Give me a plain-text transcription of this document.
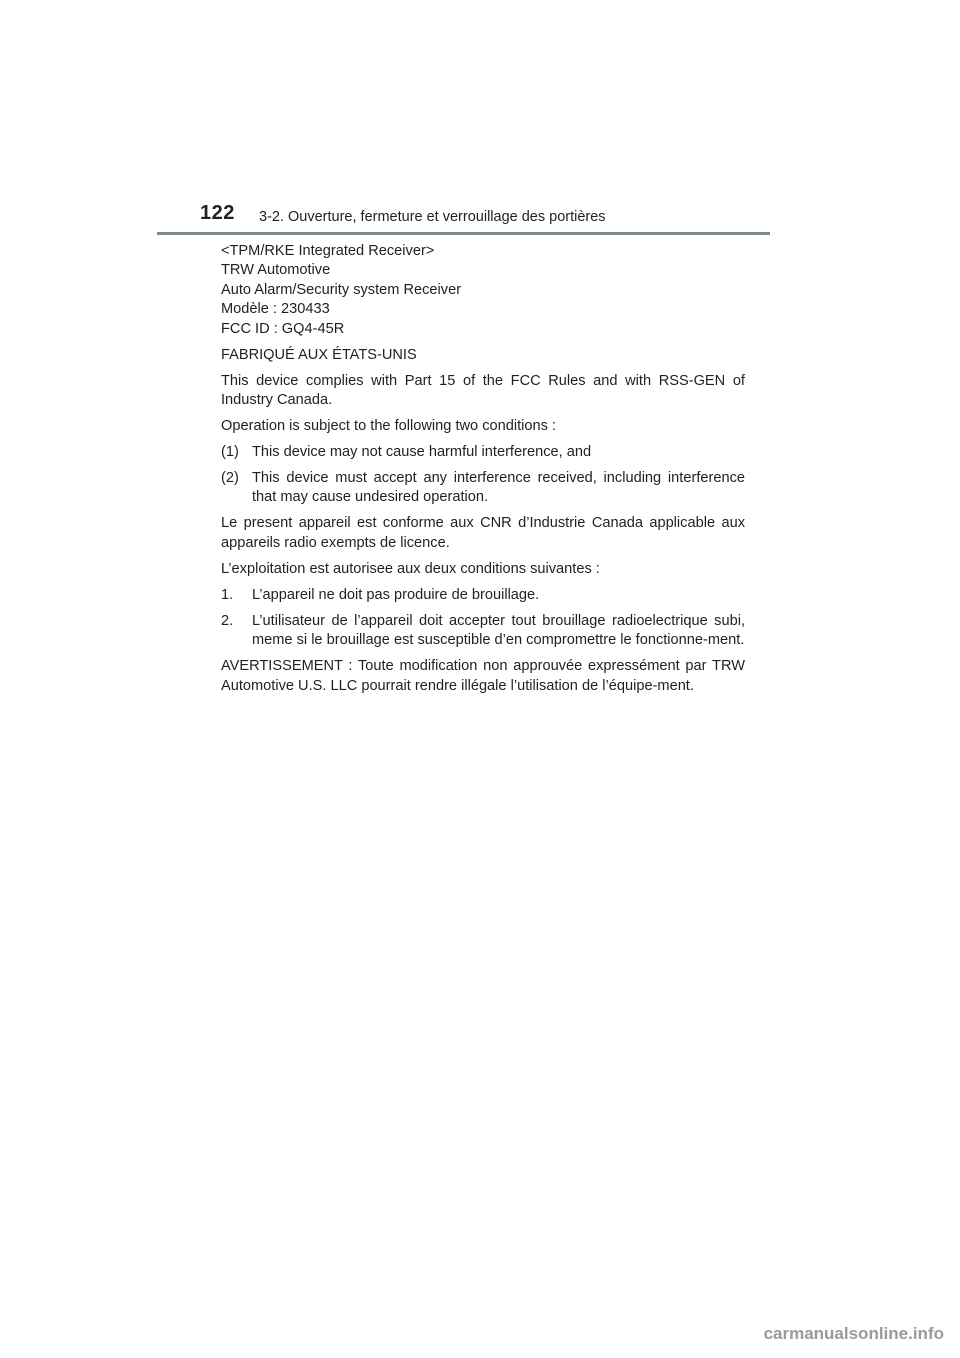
122 3-2. Ouverture, fermeture et verrouillage des portières

<TPM/RKE Integrated Receiver>
TRW Automotive
Auto Alarm/Security system Receiver
Modèle : 230433
FCC ID : GQ4-45R

FABRIQUÉ AUX ÉTATS-UNIS

This device complies with Part 15 of the FCC Rules and with RSS-GEN of Industry Canada.

Operation is subject to the following two conditions :

(1) This device may not cause harmful interference, and
(2) This device must accept any interference received, including interference that may cause undesired operation.

Le present appareil est conforme aux CNR d’Industrie Canada applicable aux appareils radio exempts de licence.

L’exploitation est autorisee aux deux conditions suivantes :

1.	L’appareil ne doit pas produire de brouillage.
2.	L’utilisateur de l’appareil doit accepter tout brouillage radioelectrique subi, meme si le brouillage est susceptible d’en compromettre le fonctionne-ment.

AVERTISSEMENT : Toute modification non approuvée expressément par TRW Automotive U.S. LLC pourrait rendre illégale l’utilisation de l’équipe-ment.

carmanualsonline.info
